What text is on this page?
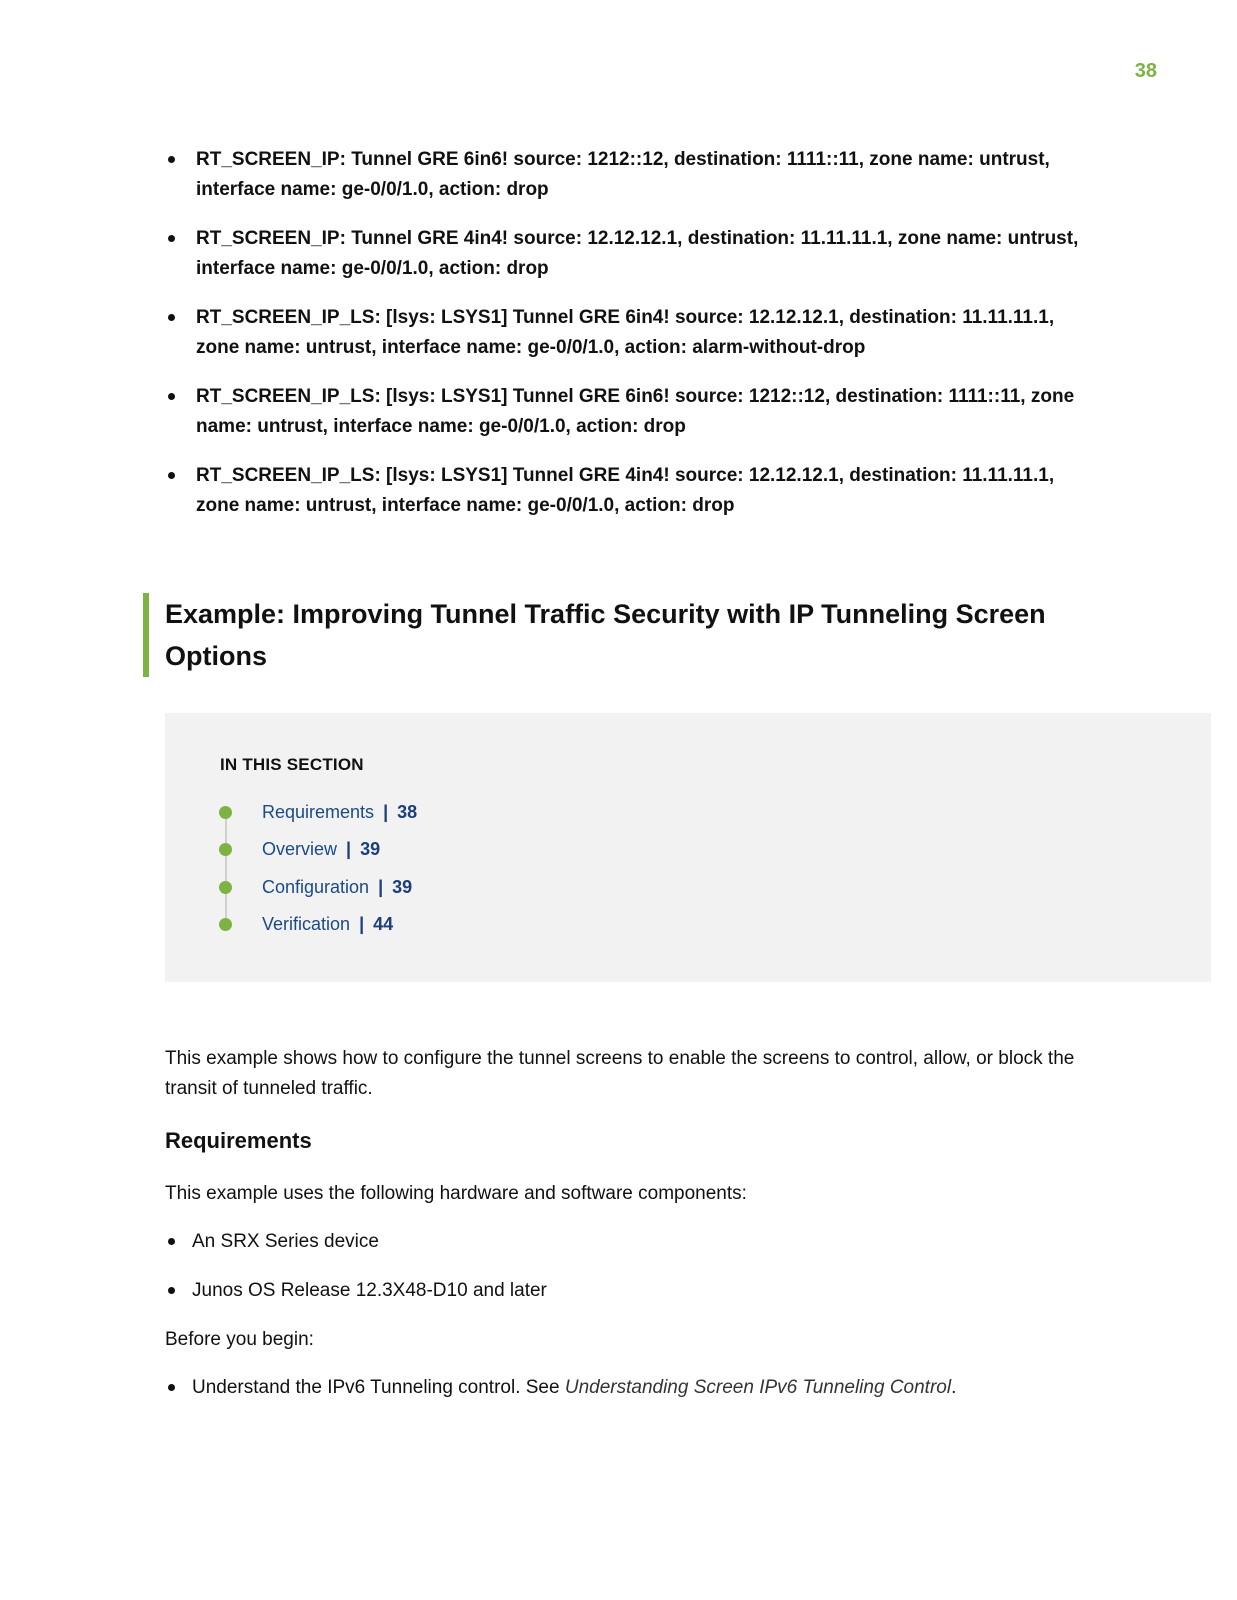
38
RT_SCREEN_IP: Tunnel GRE 6in6! source: 1212::12, destination: 1111::11, zone name: untrust, interface name: ge-0/0/1.0, action: drop
RT_SCREEN_IP: Tunnel GRE 4in4! source: 12.12.12.1, destination: 11.11.11.1, zone name: untrust, interface name: ge-0/0/1.0, action: drop
RT_SCREEN_IP_LS: [lsys: LSYS1] Tunnel GRE 6in4! source: 12.12.12.1, destination: 11.11.11.1, zone name: untrust, interface name: ge-0/0/1.0, action: alarm-without-drop
RT_SCREEN_IP_LS: [lsys: LSYS1] Tunnel GRE 6in6! source: 1212::12, destination: 1111::11, zone name: untrust, interface name: ge-0/0/1.0, action: drop
RT_SCREEN_IP_LS: [lsys: LSYS1] Tunnel GRE 4in4! source: 12.12.12.1, destination: 11.11.11.1, zone name: untrust, interface name: ge-0/0/1.0, action: drop
Example: Improving Tunnel Traffic Security with IP Tunneling Screen Options
IN THIS SECTION
Requirements | 38
Overview | 39
Configuration | 39
Verification | 44

This example shows how to configure the tunnel screens to enable the screens to control, allow, or block the transit of tunneled traffic.

Requirements

This example uses the following hardware and software components:

An SRX Series device
Junos OS Release 12.3X48-D10 and later

Before you begin:

Understand the IPv6 Tunneling control. See Understanding Screen IPv6 Tunneling Control.
